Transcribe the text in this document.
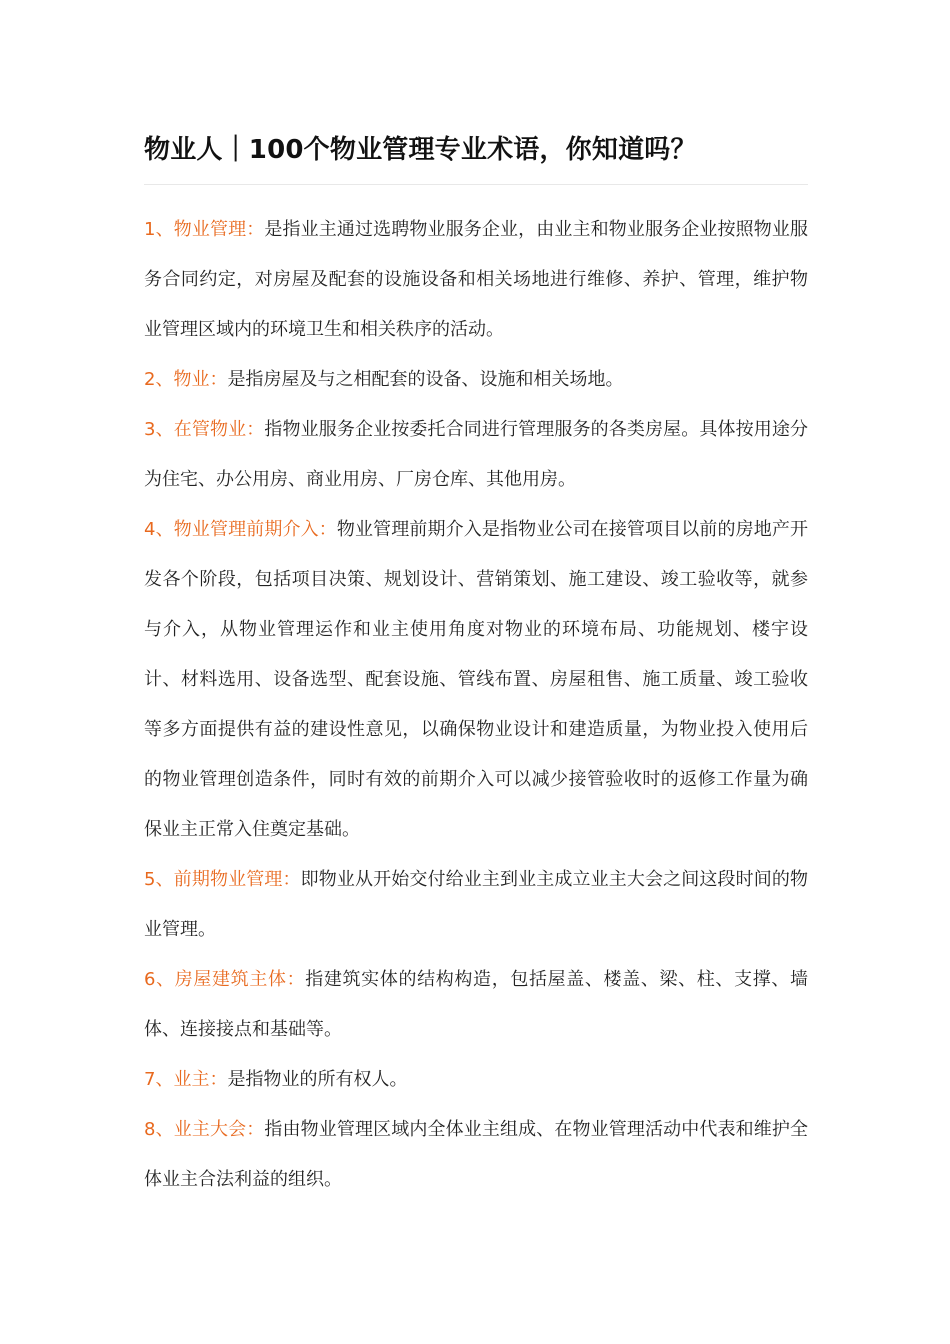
物业人｜100个物业管理专业术语，你知道吗？

1、物业管理：是指业主通过选聘物业服务企业，由业主和物业服务企业按照物业服务合同约定，对房屋及配套的设施设备和相关场地进行维修、养护、管理，维护物业管理区域内的环境卫生和相关秩序的活动。

2、物业：是指房屋及与之相配套的设备、设施和相关场地。

3、在管物业：指物业服务企业按委托合同进行管理服务的各类房屋。具体按用途分为住宅、办公用房、商业用房、厂房仓库、其他用房。

4、物业管理前期介入：物业管理前期介入是指物业公司在接管项目以前的房地产开发各个阶段，包括项目决策、规划设计、营销策划、施工建设、竣工验收等，就参与介入，从物业管理运作和业主使用角度对物业的环境布局、功能规划、楼宇设计、材料选用、设备选型、配套设施、管线布置、房屋租售、施工质量、竣工验收等多方面提供有益的建设性意见，以确保物业设计和建造质量，为物业投入使用后的物业管理创造条件，同时有效的前期介入可以减少接管验收时的返修工作量为确保业主正常入住奠定基础。

5、前期物业管理：即物业从开始交付给业主到业主成立业主大会之间这段时间的物业管理。

6、房屋建筑主体：指建筑实体的结构构造，包括屋盖、楼盖、梁、柱、支撑、墙体、连接接点和基础等。

7、业主：是指物业的所有权人。

8、业主大会：指由物业管理区域内全体业主组成、在物业管理活动中代表和维护全体业主合法利益的组织。
